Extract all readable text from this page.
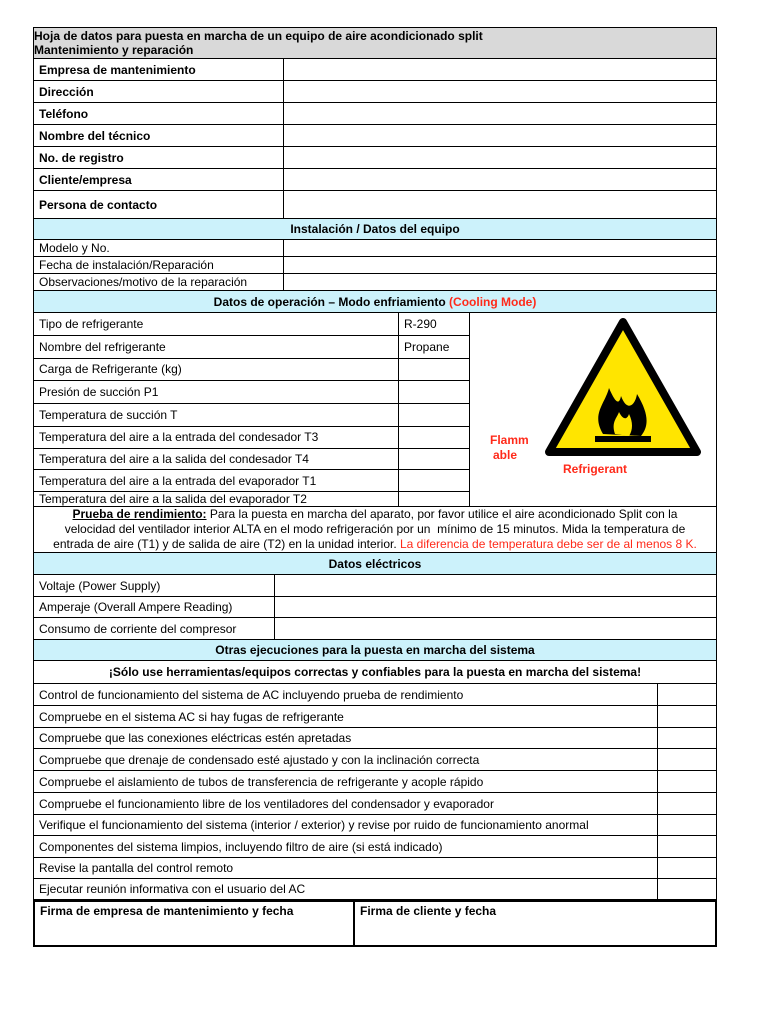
Hoja de datos para puesta en marcha de un equipo de aire acondicionado split
Mantenimiento y reparación
Empresa de mantenimiento
Dirección
Teléfono
Nombre del técnico
No. de registro
Cliente/empresa
Persona de contacto
Instalación / Datos del equipo
Modelo y No.
Fecha de instalación/Reparación
Observaciones/motivo de la reparación
Datos de operación – Modo enfriamiento (Cooling Mode)
Tipo de refrigerante	R-290
Nombre del refrigerante	Propane
Carga de Refrigerante (kg)
Presión de succión P1
Temperatura de succión T
Temperatura del aire a la entrada del condesador T3
Temperatura del aire a la salida del condesador T4
Temperatura del aire a la entrada del evaporador T1
Temperatura del aire a la salida del evaporador T2
Flamm
able
Refrigerant
Prueba de rendimiento: Para la puesta en marcha del aparato, por favor utilice el aire acondicionado Split con la
velocidad del ventilador interior ALTA en el modo refrigeración por un  mínimo de 15 minutos. Mida la temperatura de
entrada de aire (T1) y de salida de aire (T2) en la unidad interior. La diferencia de temperatura debe ser de al menos 8 K.
Datos eléctricos
Voltaje (Power Supply)
Amperaje (Overall Ampere Reading)
Consumo de corriente del compresor
Otras ejecuciones para la puesta en marcha del sistema
¡Sólo use herramientas/equipos correctas y confiables para la puesta en marcha del sistema!
Control de funcionamiento del sistema de AC incluyendo prueba de rendimiento
Compruebe en el sistema AC si hay fugas de refrigerante
Compruebe que las conexiones eléctricas estén apretadas
Compruebe que drenaje de condensado esté ajustado y con la inclinación correcta
Compruebe el aislamiento de tubos de transferencia de refrigerante y acople rápido
Compruebe el funcionamiento libre de los ventiladores del condensador y evaporador
Verifique el funcionamiento del sistema (interior / exterior) y revise por ruido de funcionamiento anormal
Componentes del sistema limpios, incluyendo filtro de aire (si está indicado)
Revise la pantalla del control remoto
Ejecutar reunión informativa con el usuario del AC
Firma de empresa de mantenimiento y fecha	Firma de cliente y fecha
